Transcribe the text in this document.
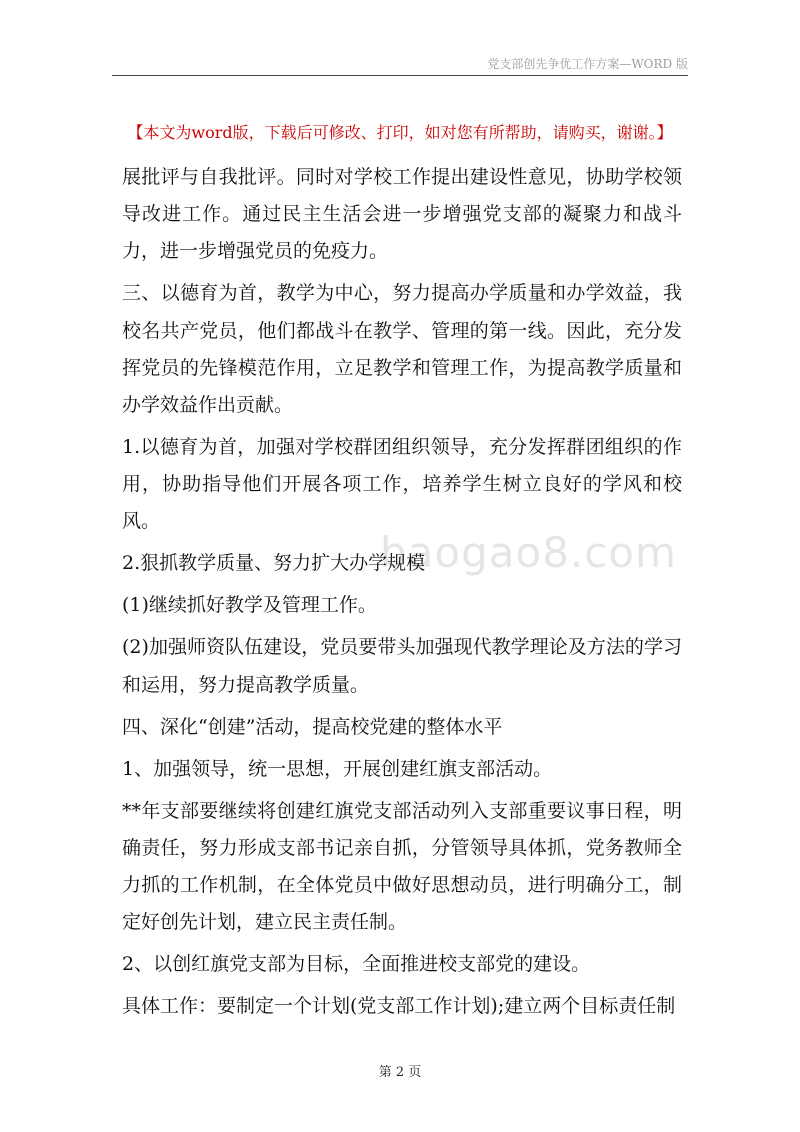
党支部创先争优工作方案—WORD 版
【本文为word版，下载后可修改、打印，如对您有所帮助，请购买，谢谢。】

展批评与自我批评。同时对学校工作提出建设性意见，协助学校领导改进工作。通过民主生活会进一步增强党支部的凝聚力和战斗力，进一步增强党员的免疫力。

三、以德育为首，教学为中心，努力提高办学质量和办学效益，我校名共产党员，他们都战斗在教学、管理的第一线。因此，充分发挥党员的先锋模范作用，立足教学和管理工作，为提高教学质量和办学效益作出贡献。

1.以德育为首，加强对学校群团组织领导，充分发挥群团组织的作用，协助指导他们开展各项工作，培养学生树立良好的学风和校风。

2.狠抓教学质量、努力扩大办学规模

(1)继续抓好教学及管理工作。

(2)加强师资队伍建设，党员要带头加强现代教学理论及方法的学习和运用，努力提高教学质量。

四、深化“创建”活动，提高校党建的整体水平

1、加强领导，统一思想，开展创建红旗支部活动。

**年支部要继续将创建红旗党支部活动列入支部重要议事日程，明确责任，努力形成支部书记亲自抓，分管领导具体抓，党务教师全力抓的工作机制，在全体党员中做好思想动员，进行明确分工，制定好创先计划，建立民主责任制。

2、以创红旗党支部为目标，全面推进校支部党的建设。

具体工作：要制定一个计划(党支部工作计划);建立两个目标责任制

baogao8.com
第 2 页
